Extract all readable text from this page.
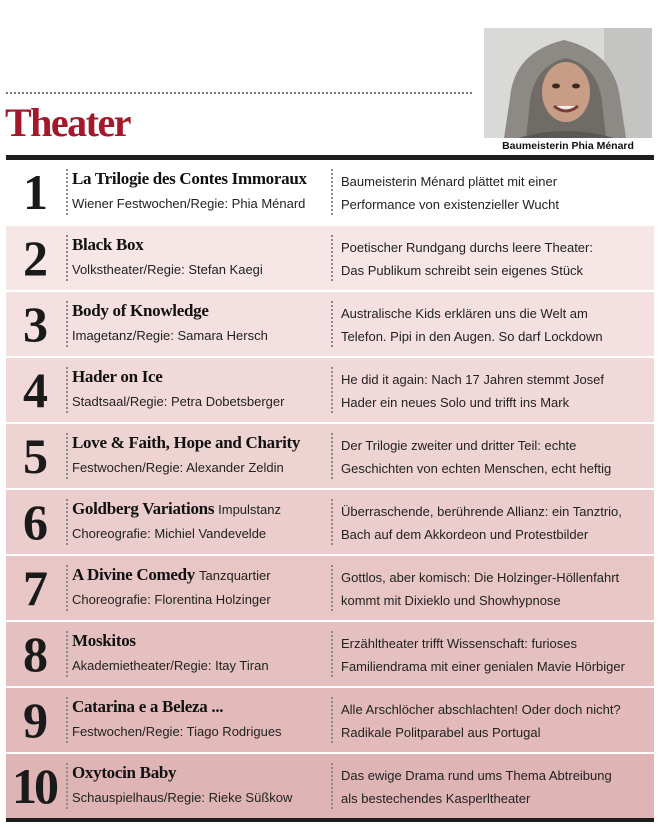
Theater
Baumeisterin Phia Ménard
1	La Trilogie des Contes Immoraux
Wiener Festwochen/Regie: Phia Ménard
Baumeisterin Ménard plättet mit einer
Performance von existenzieller Wucht
2	Black Box
Volkstheater/Regie: Stefan Kaegi
Poetischer Rundgang durchs leere Theater:
Das Publikum schreibt sein eigenes Stück
3	Body of Knowledge
Imagetanz/Regie: Samara Hersch
Australische Kids erklären uns die Welt am
Telefon. Pipi in den Augen. So darf Lockdown
4	Hader on Ice
Stadtsaal/Regie: Petra Dobetsberger
He did it again: Nach 17 Jahren stemmt Josef
Hader ein neues Solo und trifft ins Mark
5	Love & Faith, Hope and Charity
Festwochen/Regie: Alexander Zeldin
Der Trilogie zweiter und dritter Teil: echte
Geschichten von echten Menschen, echt heftig
6	Goldberg Variations Impulstanz
Choreografie: Michiel Vandevelde
Überraschende, berührende Allianz: ein Tanztrio,
Bach auf dem Akkordeon und Protestbilder
7	A Divine Comedy Tanzquartier
Choreografie: Florentina Holzinger
Gottlos, aber komisch: Die Holzinger-Höllenfahrt
kommt mit Dixieklo und Showhypnose
8	Moskitos
Akademietheater/Regie: Itay Tiran
Erzähltheater trifft Wissenschaft: furioses
Familiendrama mit einer genialen Mavie Hörbiger
9	Catarina e a Beleza ...
Festwochen/Regie: Tiago Rodrigues
Alle Arschlöcher abschlachten! Oder doch nicht?
Radikale Politparabel aus Portugal
10 Oxytocin Baby
Schauspielhaus/Regie: Rieke Süßkow
Das ewige Drama rund ums Thema Abtreibung
als bestechendes Kasperltheater
